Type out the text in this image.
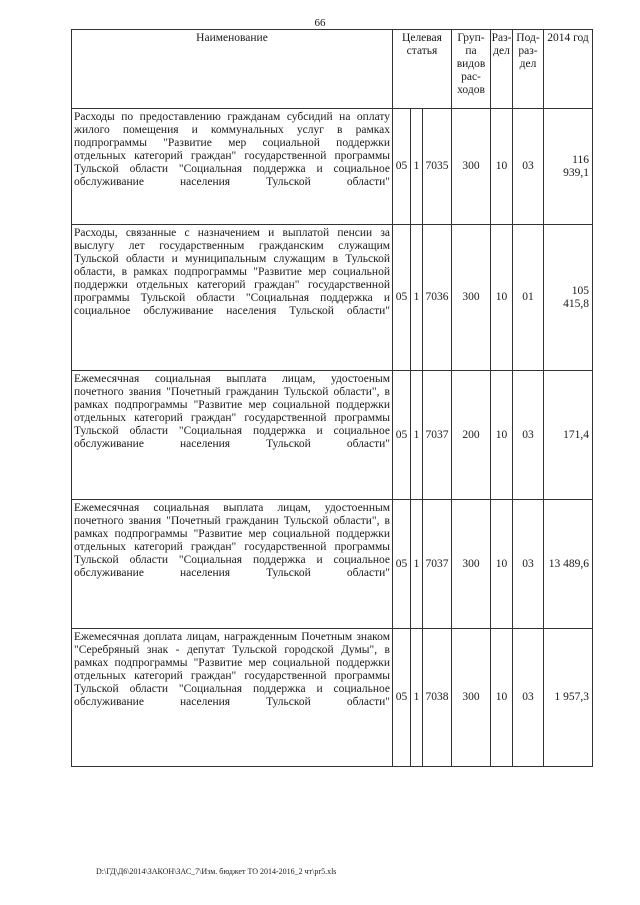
66
Наименование	Целевая статья			Груп-па видов рас-ходов	Раз-дел	Под-раз-дел	2014 год
Расходы по предоставлению гражданам субсидий на оплату жилого помещения и коммунальных услуг в рамках подпрограммы "Развитие мер социальной поддержки отдельных категорий граждан" государственной программы Тульской области "Социальная поддержка и социальное обслуживание населения Тульской области"	05	1	7035	300	10	03	116 939,1
Расходы, связанные с назначением и выплатой пенсии за выслугу лет государственным гражданским служащим Тульской области и муниципальным служащим в Тульской области, в рамках подпрограммы "Развитие мер социальной поддержки отдельных категорий граждан" государственной программы Тульской области "Социальная поддержка и социальное обслуживание населения Тульской области"	05	1	7036	300	10	01	105 415,8
Ежемесячная социальная выплата лицам, удостоеным почетного звания "Почетный гражданин Тульской области", в рамках подпрограммы "Развитие мер социальной поддержки отдельных категорий граждан" государственной программы Тульской области "Социальная поддержка и социальное обслуживание населения Тульской области"	05	1	7037	200	10	03	171,4
Ежемесячная социальная выплата лицам, удостоенным почетного звания "Почетный гражданин Тульской области", в рамках подпрограммы "Развитие мер социальной поддержки отдельных категорий граждан" государственной программы Тульской области "Социальная поддержка и социальное обслуживание населения Тульской области"	05	1	7037	300	10	03	13 489,6
Ежемесячная доплата лицам, награжденным Почетным знаком "Серебряный знак - депутат Тульской городской Думы", в рамках подпрограммы "Развитие мер социальной поддержки отдельных категорий граждан" государственной программы Тульской области "Социальная поддержка и социальное обслуживание населения Тульской области"	05	1	7038	300	10	03	1 957,3
D:\ГД\Д6\2014\ЗАКОН\ЗАС_7\Изм. бюджет ТО 2014-2016_2 чт\pr5.xls
